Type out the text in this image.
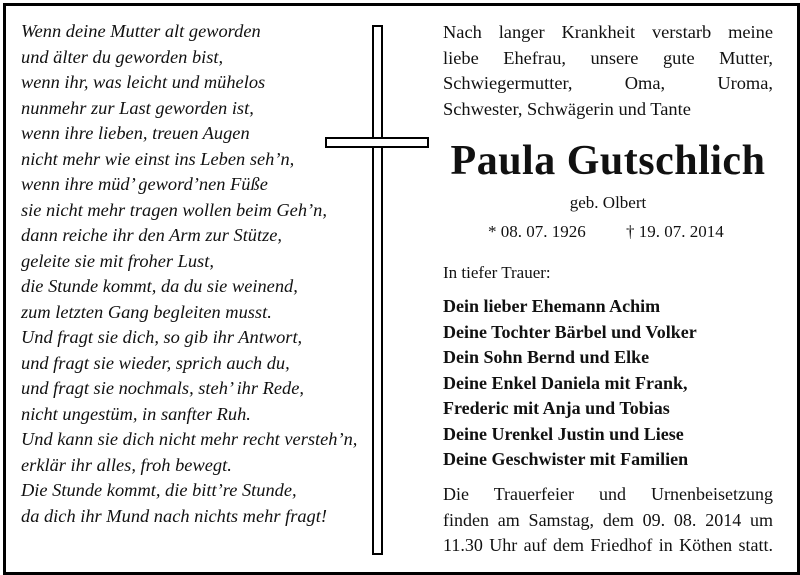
Wenn deine Mutter alt geworden
und älter du geworden bist,
wenn ihr, was leicht und mühelos
nunmehr zur Last geworden ist,
wenn ihre lieben, treuen Augen
nicht mehr wie einst ins Leben seh’n,
wenn ihre müd’ geword’nen Füße
sie nicht mehr tragen wollen beim Geh’n,
dann reiche ihr den Arm zur Stütze,
geleite sie mit froher Lust,
die Stunde kommt, da du sie weinend,
zum letzten Gang begleiten musst.
Und fragt sie dich, so gib ihr Antwort,
und fragt sie wieder, sprich auch du,
und fragt sie nochmals, steh’ ihr Rede,
nicht ungestüm, in sanfter Ruh.
Und kann sie dich nicht mehr recht versteh’n,
erklär ihr alles, froh bewegt.
Die Stunde kommt, die bitt’re Stunde,
da dich ihr Mund nach nichts mehr fragt!
Nach langer Krankheit verstarb meine
liebe Ehefrau, unsere gute Mutter,
Schwiegermutter, Oma, Uroma,
Schwester, Schwägerin und Tante
Paula Gutschlich
geb. Olbert
* 08. 07. 1926 † 19. 07. 2014
In tiefer Trauer:
Dein lieber Ehemann Achim
Deine Tochter Bärbel und Volker
Dein Sohn Bernd und Elke
Deine Enkel Daniela mit Frank,
Frederic mit Anja und Tobias
Deine Urenkel Justin und Liese
Deine Geschwister mit Familien
Die Trauerfeier und Urnenbeisetzung
finden am Samstag, dem 09. 08. 2014 um
11.30 Uhr auf dem Friedhof in Köthen statt.
